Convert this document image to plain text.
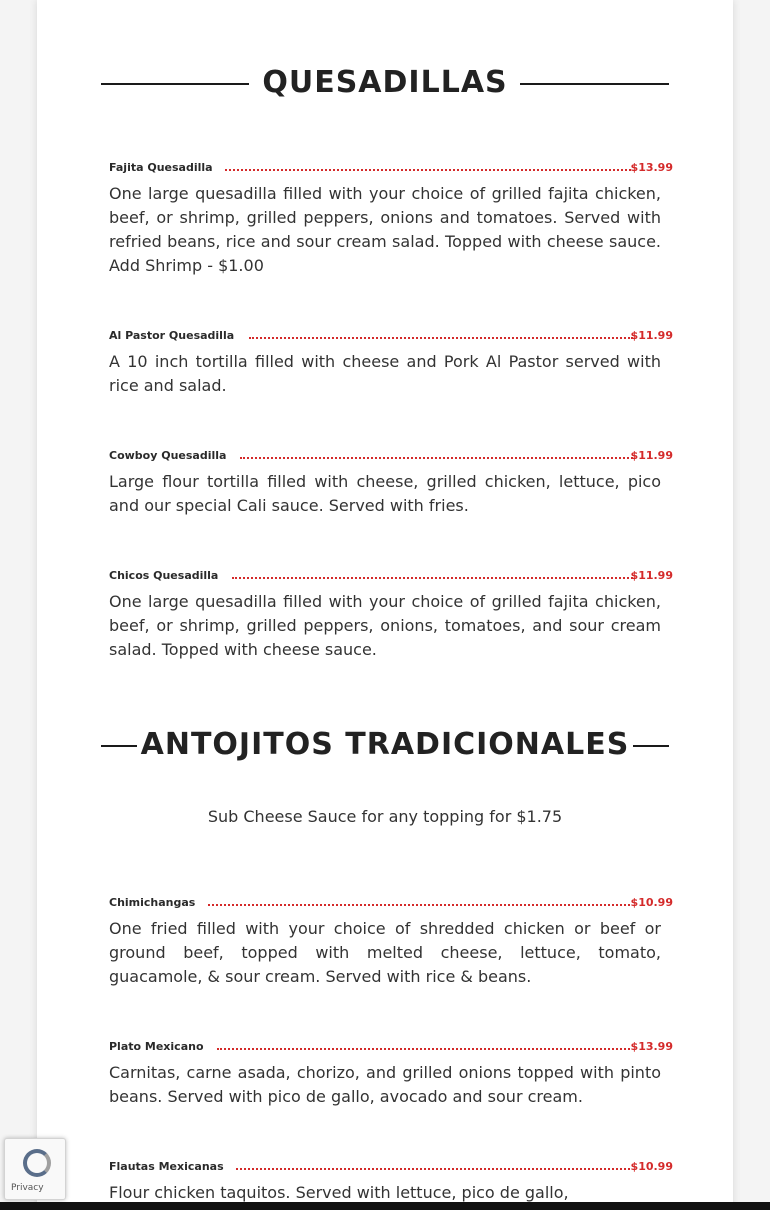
QUESADILLAS
Fajita Quesadilla	$13.99

One large quesadilla filled with your choice of grilled fajita chicken, beef, or shrimp, grilled peppers, onions and tomatoes. Served with refried beans, rice and sour cream salad. Topped with cheese sauce. Add Shrimp - $1.00

Al Pastor Quesadilla	$11.99

A 10 inch tortilla filled with cheese and Pork Al Pastor served with rice and salad.

Cowboy Quesadilla	$11.99

Large flour tortilla filled with cheese, grilled chicken, lettuce, pico and our special Cali sauce. Served with fries.

Chicos Quesadilla	$11.99

One large quesadilla filled with your choice of grilled fajita chicken, beef, or shrimp, grilled peppers, onions, tomatoes, and sour cream salad. Topped with cheese sauce.

ANTOJITOS TRADICIONALES
Sub Cheese Sauce for any topping for $1.75
Chimichangas	$10.99

One fried filled with your choice of shredded chicken or beef or ground beef, topped with melted cheese, lettuce, tomato, guacamole, & sour cream. Served with rice & beans.

Plato Mexicano	$13.99

Carnitas, carne asada, chorizo, and grilled onions topped with pinto beans. Served with pico de gallo, avocado and sour cream.

Flautas Mexicanas	$10.99

Flour chicken taquitos. Served with lettuce, pico de gallo,

Privacy
